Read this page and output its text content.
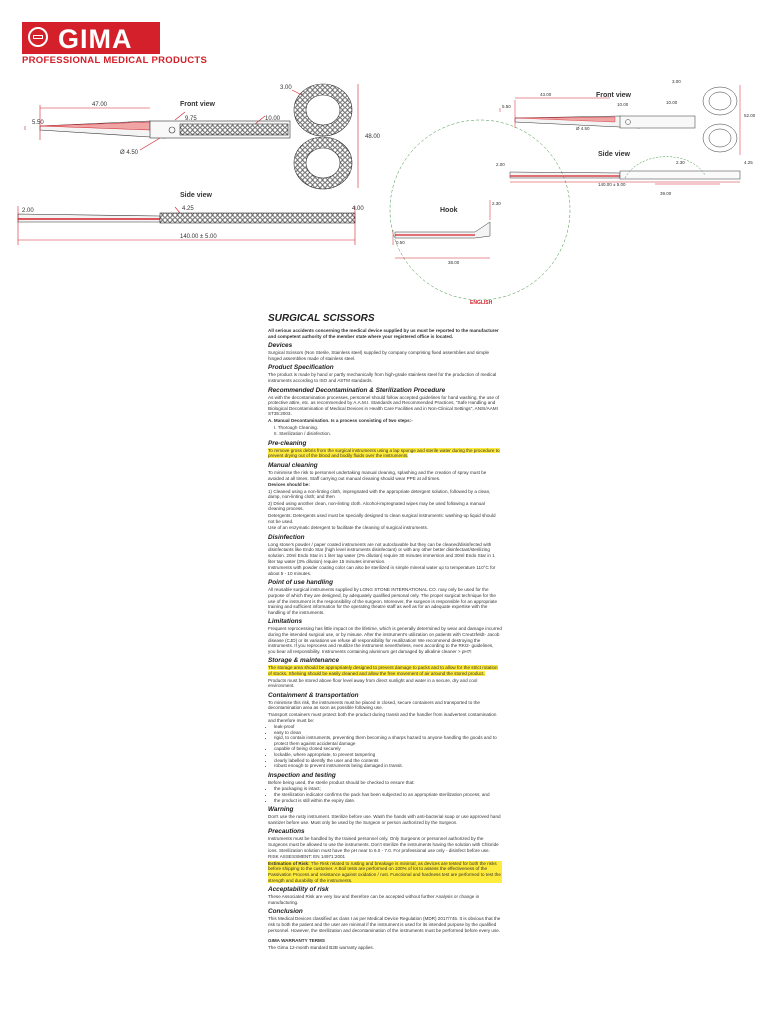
GIMA
PROFESSIONAL MEDICAL PRODUCTS
47.00
5.50
9.75	10.00
48.00
3.00
Ø 4.50
Front view
Side view
2.00	4.25	4.00
140.00 ± 5.00
43.00
5.50	10.00	10.00
52.00
3.00
Ø 4.50
Front view
Side view
2.00	2.30	4.25
140.00 ± 5.00
39.00
Hook
2.30
0.50
38.00
ENGLISH
SURGICAL SCISSORS

All serious accidents concerning the medical device supplied by us must be reported to the manufacturer and competent authority of the member state where your registered office is located.

Devices

Surgical Scissors (Non Sterile, Stainless steel) supplied by company comprising fixed assemblies and simple hinged assemblies made of stainless steel.

Product Specification

The product is made by hand or partly mechanically from high-grade stainless steel for the production of medical instruments according to ISO and ASTM standards.

Recommended Decontamination & Sterilization Procedure

As with the decontamination processes, personnel should follow accepted guidelines for hand washing, the use of protective attire, etc. as recommended by A.A.M.I. Standards and Recommended Practices, "Safe Handling and Biological Decontamination of Medical Devices in Health Care Facilities and in Non-Clinical Settings", ANSI/AAMI ST35:2003.

A. Manual Decontamination. Is a process consisting of two steps:-

I. Thorough Cleaning.

II. Sterilization / disinfection.

Pre-cleaning

To remove gross debris from the surgical instruments using a lap sponge and sterile water during the procedure to prevent drying out of the blood and bodily fluids over the instruments.

Manual cleaning

To minimise the risk to personnel undertaking manual cleaning, splashing and the creation of spray must be avoided at all times. Staff carrying out manual cleaning should wear PPE at all times.

Devices should be:

1) Cleaned using a non-linting cloth, impregnated with the appropriate detergent solution, followed by a clean, damp, non-linting cloth; and then

2) Dried using another clean, non-linting cloth. Alcohol-impregnated wipes may be used following a manual cleaning process.

Detergents: Detergents used must be specially designed to clean surgical instruments: washing-up liquid should not be used.

Use of an enzymatic detergent to facilitate the cleaning of surgical instruments.

Disinfection

Long stone's powder / paper coated instruments are not autoclavable but they can be cleaned/disinfected with disinfectants like Endo Star (high level instruments disinfectant) or with any other better disinfectant/sterilizing solution. 20ml Endo Star in 1 liter tap water (2% dilution) require 30 minutes immersion and 30ml Endo Star in 1 liter tap water (3% dilution) require 15 minutes immersion.

Instruments with powder coating color can also be sterilized in simple mineral water up to temperature 110°C for about 5 - 10 minutes.

Point of use handling

All reusable surgical instruments supplied by LONG STONE INTERNATIONAL CO. may only be used for the purpose of which they are designed, by adequately qualified personal only. The proper surgical technique for the use of the instrument is the responsibility of the surgeon. Moreover, the surgeon is responsible for an appropriate training and sufficient information for the operating theatre staff as well as for an adequate expertise with the handling of the instruments.

Limitations

Frequent reprocessing has little impact on the lifetime, which is generally determined by wear and damage incurred during the intended surgical use, or by misuse. After the instrument's utilization on patients with Creutzfeldt- Jacob disease (CJD) or its variations we refuse all responsibility for reutilization! We recommend destroying the instruments. If you reprocess and reutilize the instrument nevertheless, even according to the RKI2- guidelines, you bear all responsibility. Instruments containing aluminum get damaged by alkaline cleaner > pH7!

Storage & maintenance

The storage area should be appropriately designed to prevent damage to packs and to allow for the strict rotation of stocks. Shelving should be easily cleaned and allow the free movement of air around the stored product.

Products must be stored above floor level away from direct sunlight and water in a secure, dry and cool environment.

Containment & transportation

To minimise this risk, the instruments must be placed in closed, secure containers and transported to the decontamination area as soon as possible following use.

Transport containers must protect both the product during transit and the handler from inadvertent contamination and therefore must be:

• leak-proof
• easy to clean
• rigid, to contain instruments, preventing them becoming a sharps hazard to anyone handling the goods and to protect them against accidental damage
• capable of being closed securely
• lockable, where appropriate, to prevent tampering
• clearly labelled to identify the user and the contents
• robust enough to prevent instruments being damaged in transit.
Inspection and testing

Before being used, the sterile product should be checked to ensure that:

• the packaging is intact;
• the sterilization indicator confirms the pack has been subjected to an appropriate sterilization process; and
• the product is still within the expiry date.
Warning

Don't use the rusty instrument. Sterilize before use. Wash the hands with anti-bacterial soap or use approved hand sanitizer before use. Must only be used by the Surgeon or person authorized by the Surgeon.

Precautions

Instruments must be handled by the trained personnel only. Only Surgeons or personnel authorized by the Surgeons must be allowed to use the instruments. Don't sterilize the instruments having the solution with Chloride ions. Sterilization solution must have the pH near to 6.0 - 7.0. For professional use only - disinfect before use.

RISK ASSESSMENT: EN 14971:2001

Estimation of Risk: The Risk related to rusting and breakage is minimal, as devices are tested for both the risks before shipping to the customer. A Boil tests are performed on 100% of lot to assess the effectiveness of the Passivation Process and resistance against oxidation / rust. Functional and hardness test are performed to test the strength and durability of the instruments.

Acceptability of risk

These Associated Risk are very low and therefore can be accepted without further Analysis or change in manufacturing.

Conclusion

This Medical Devices classified as class I as per Medical Device Regulation (MDR) 2017/745. It is obvious that the risk to both the patient and the user are minimal if the instrument is used for its intended purpose by the qualified personnel. However, the sterilization and decontamination of the instruments must be performed before every use.

GIMA WARRANTY TERMS

The Gima 12-month standard B2B warranty applies.
